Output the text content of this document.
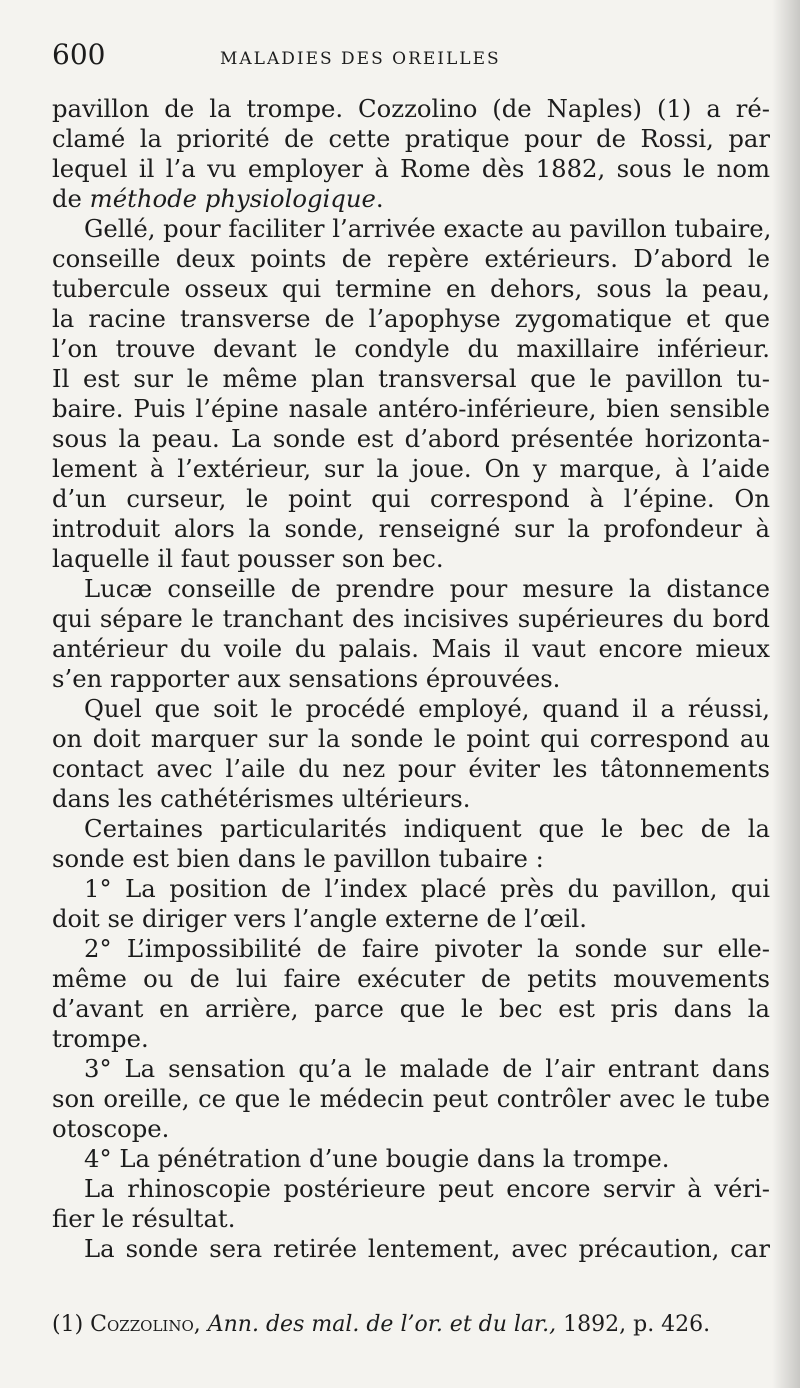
600	MALADIES DES OREILLES
pavillon de la trompe. Cozzolino (de Naples) (1) a ré-
clamé la priorité de cette pratique pour de Rossi, par
lequel il l’a vu employer à Rome dès 1882, sous le nom
de méthode physiologique.
Gellé, pour faciliter l’arrivée exacte au pavillon tubaire,
conseille deux points de repère extérieurs. D’abord le
tubercule osseux qui termine en dehors, sous la peau,
la racine transverse de l’apophyse zygomatique et que
l’on trouve devant le condyle du maxillaire inférieur.
Il est sur le même plan transversal que le pavillon tu-
baire. Puis l’épine nasale antéro-inférieure, bien sensible
sous la peau. La sonde est d’abord présentée horizonta-
lement à l’extérieur, sur la joue. On y marque, à l’aide
d’un curseur, le point qui correspond à l’épine. On
introduit alors la sonde, renseigné sur la profondeur à
laquelle il faut pousser son bec.
Lucæ conseille de prendre pour mesure la distance
qui sépare le tranchant des incisives supérieures du bord
antérieur du voile du palais. Mais il vaut encore mieux
s’en rapporter aux sensations éprouvées.
Quel que soit le procédé employé, quand il a réussi,
on doit marquer sur la sonde le point qui correspond au
contact avec l’aile du nez pour éviter les tâtonnements
dans les cathétérismes ultérieurs.
Certaines particularités indiquent que le bec de la
sonde est bien dans le pavillon tubaire :
1° La position de l’index placé près du pavillon, qui
doit se diriger vers l’angle externe de l’œil.
2° L’impossibilité de faire pivoter la sonde sur elle-
même ou de lui faire exécuter de petits mouvements
d’avant en arrière, parce que le bec est pris dans la
trompe.
3° La sensation qu’a le malade de l’air entrant dans
son oreille, ce que le médecin peut contrôler avec le tube
otoscope.
4° La pénétration d’une bougie dans la trompe.
La rhinoscopie postérieure peut encore servir à véri-
fier le résultat.
La sonde sera retirée lentement, avec précaution, car
(1) Cozzolino, Ann. des mal. de l’or. et du lar., 1892, p. 426.
